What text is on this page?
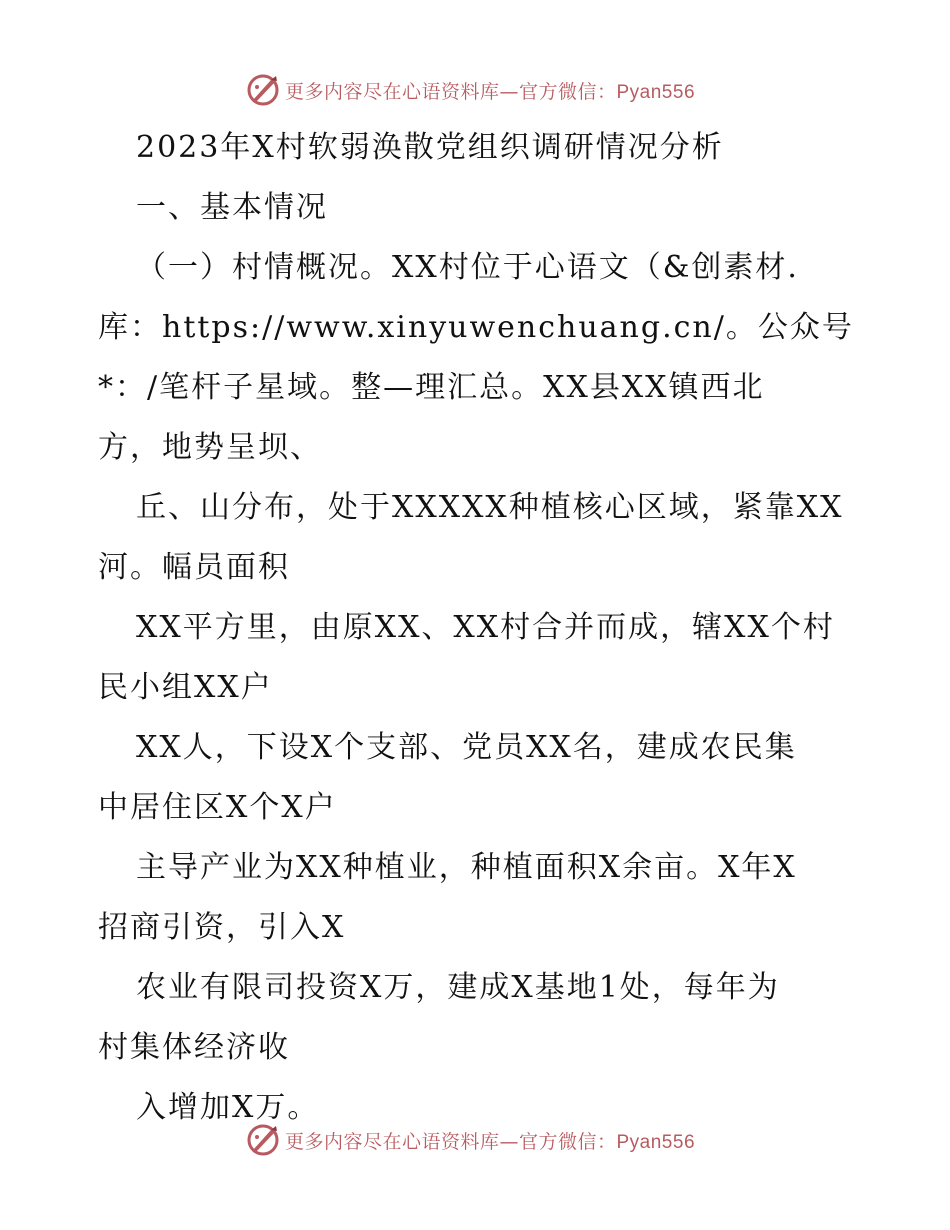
更多内容尽在心语资料库—官方微信：Pyan556
2023年X村软弱涣散党组织调研情况分析
一、基本情况
（一）村情概况。XX村位于心语文（&创素材.
库：https://www.xinyuwenchuang.cn/。公众号
*：/笔杆子星域。整—理汇总。XX县XX镇西北
方，地势呈坝、
丘、山分布，处于XXXXX种植核心区域，紧靠XX
河。幅员面积
XX平方里，由原XX、XX村合并而成，辖XX个村
民小组XX户
XX人，下设X个支部、党员XX名，建成农民集
中居住区X个X户
主导产业为XX种植业，种植面积X余亩。X年X
招商引资，引入X
农业有限司投资X万，建成X基地1处，每年为
村集体经济收
入增加X万。
更多内容尽在心语资料库—官方微信：Pyan556
